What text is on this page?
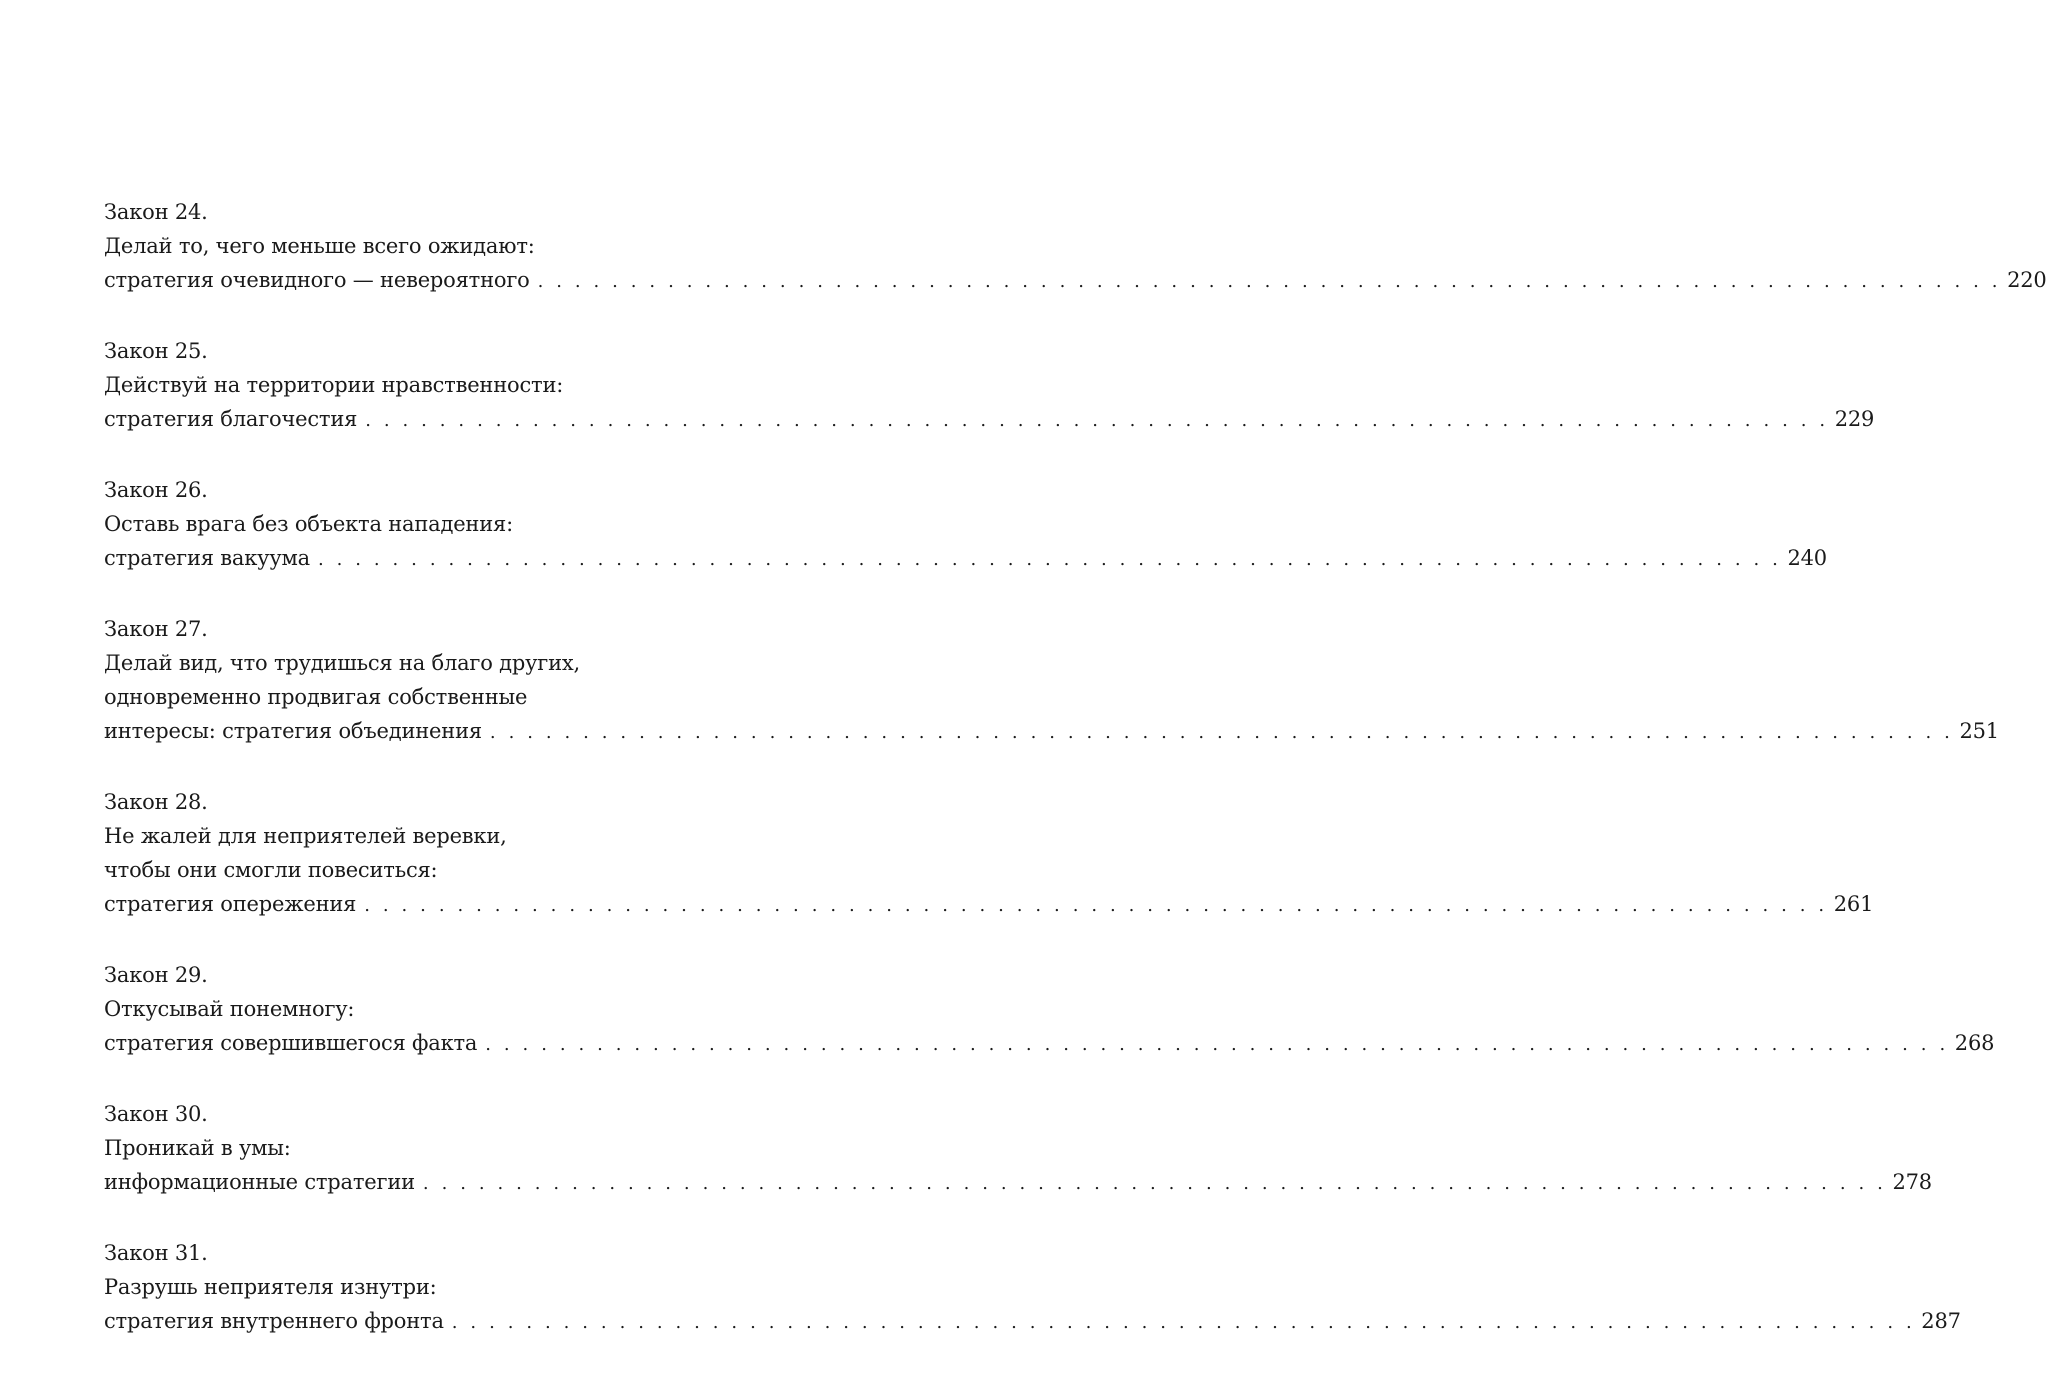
Закон 24.
Делай то, чего меньше всего ожидают:
стратегия очевидного — невероятного . . . . . . . . . . . . . . . . . . . . . . . . . . . . . . . . . . . . . . . . . . . . . . . . . . . . . . . . . . . . . . . . . . . . . . . . . . . . . . . 220
Закон 25.
Действуй на территории нравственности:
стратегия благочестия . . . . . . . . . . . . . . . . . . . . . . . . . . . . . . . . . . . . . . . . . . . . . . . . . . . . . . . . . . . . . . . . . . . . . . . . . . . . . . . 229
Закон 26.
Оставь врага без объекта нападения:
стратегия вакуума . . . . . . . . . . . . . . . . . . . . . . . . . . . . . . . . . . . . . . . . . . . . . . . . . . . . . . . . . . . . . . . . . . . . . . . . . . . . . . . 240
Закон 27.
Делай вид, что трудишься на благо других,
одновременно продвигая собственные
интересы: стратегия объединения . . . . . . . . . . . . . . . . . . . . . . . . . . . . . . . . . . . . . . . . . . . . . . . . . . . . . . . . . . . . . . . . . . . . . . . . . . . . . . . 251
Закон 28.
Не жалей для неприятелей веревки,
чтобы они смогли повеситься:
стратегия опережения . . . . . . . . . . . . . . . . . . . . . . . . . . . . . . . . . . . . . . . . . . . . . . . . . . . . . . . . . . . . . . . . . . . . . . . . . . . . . . . 261
Закон 29.
Откусывай понемногу:
стратегия совершившегося факта . . . . . . . . . . . . . . . . . . . . . . . . . . . . . . . . . . . . . . . . . . . . . . . . . . . . . . . . . . . . . . . . . . . . . . . . . . . . . . . 268
Закон 30.
Проникай в умы:
информационные стратегии . . . . . . . . . . . . . . . . . . . . . . . . . . . . . . . . . . . . . . . . . . . . . . . . . . . . . . . . . . . . . . . . . . . . . . . . . . . . . . . 278
Закон 31.
Разрушь неприятеля изнутри:
стратегия внутреннего фронта . . . . . . . . . . . . . . . . . . . . . . . . . . . . . . . . . . . . . . . . . . . . . . . . . . . . . . . . . . . . . . . . . . . . . . . . . . . . . . . 287
